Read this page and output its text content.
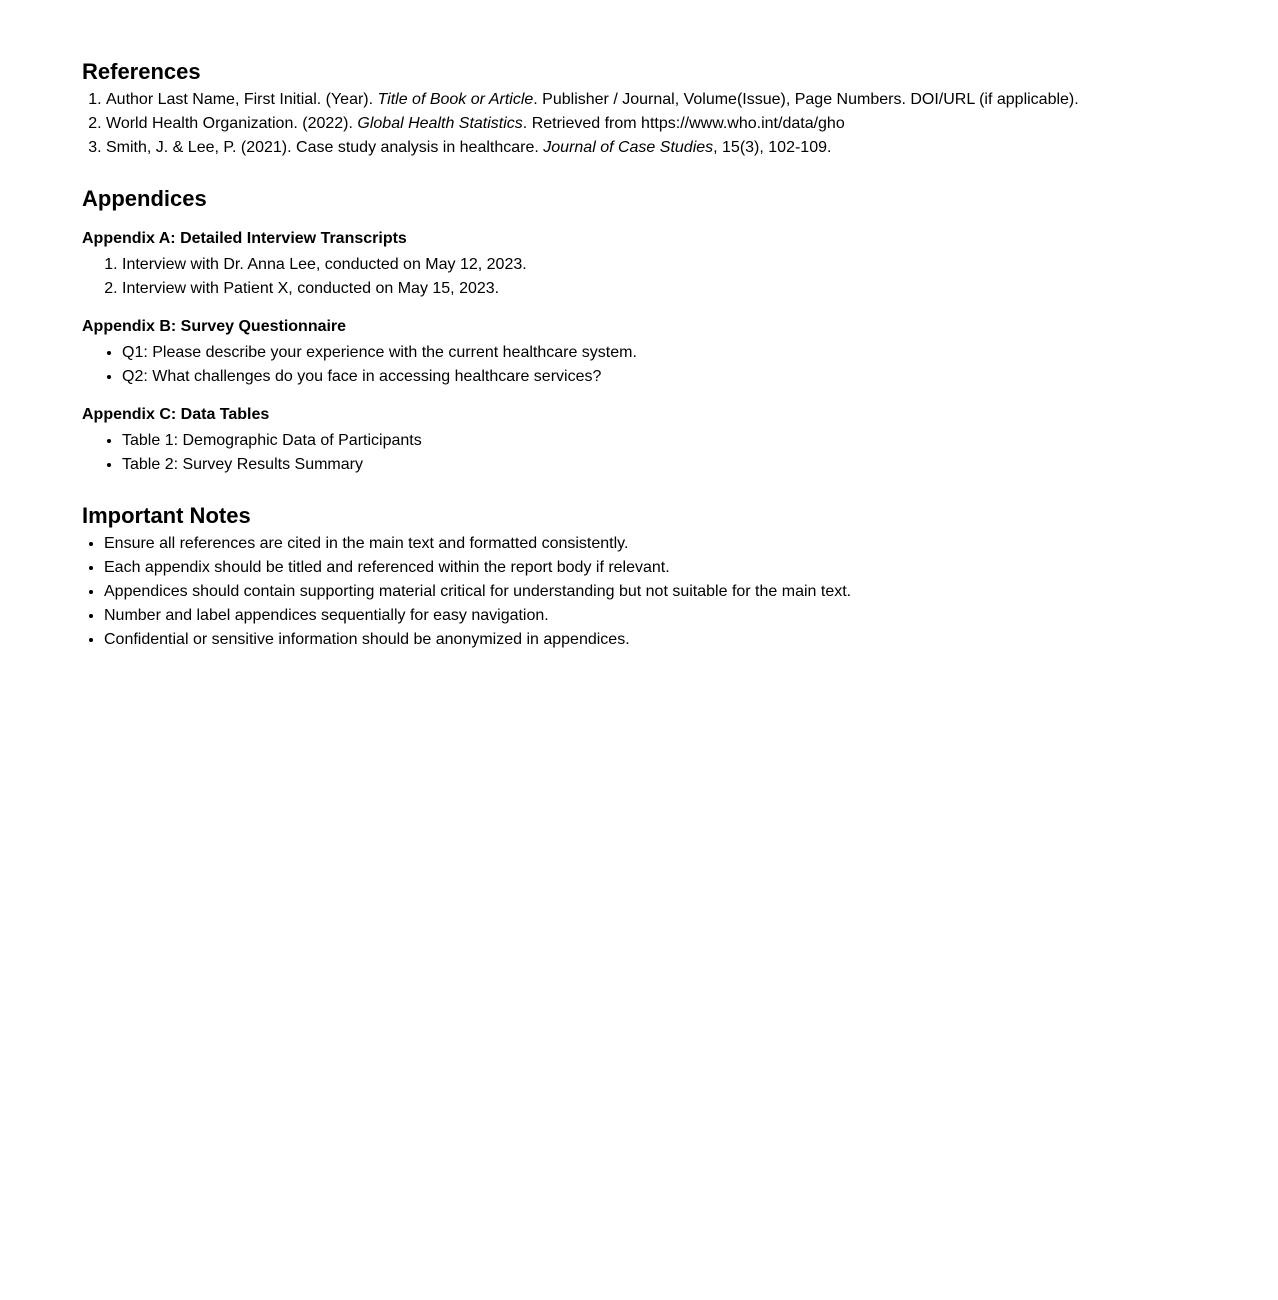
References
1. Author Last Name, First Initial. (Year). Title of Book or Article. Publisher / Journal, Volume(Issue), Page Numbers. DOI/URL (if applicable).
2. World Health Organization. (2022). Global Health Statistics. Retrieved from https://www.who.int/data/gho
3. Smith, J. & Lee, P. (2021). Case study analysis in healthcare. Journal of Case Studies, 15(3), 102-109.
Appendices
Appendix A: Detailed Interview Transcripts
1. Interview with Dr. Anna Lee, conducted on May 12, 2023.
2. Interview with Patient X, conducted on May 15, 2023.
Appendix B: Survey Questionnaire
• Q1: Please describe your experience with the current healthcare system.
• Q2: What challenges do you face in accessing healthcare services?
Appendix C: Data Tables
• Table 1: Demographic Data of Participants
• Table 2: Survey Results Summary
Important Notes
• Ensure all references are cited in the main text and formatted consistently.
• Each appendix should be titled and referenced within the report body if relevant.
• Appendices should contain supporting material critical for understanding but not suitable for the main text.
• Number and label appendices sequentially for easy navigation.
• Confidential or sensitive information should be anonymized in appendices.
